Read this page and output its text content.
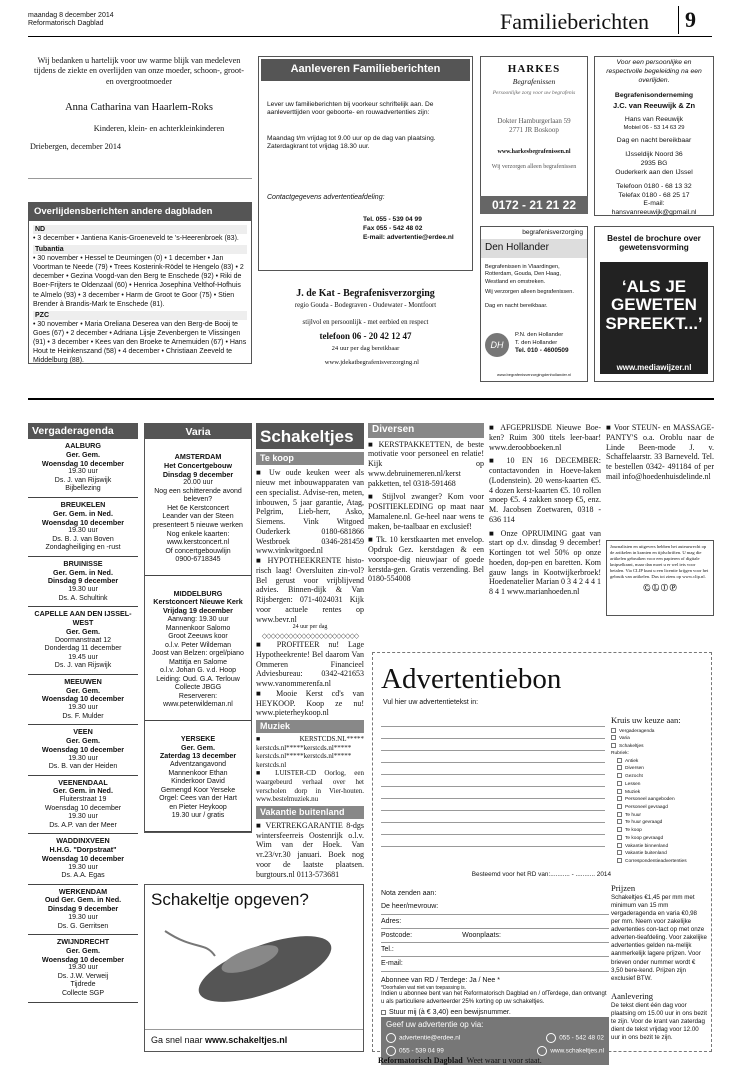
maandag 8 december 2014
Reformatorisch Dagblad	Familieberichten	9
Wij bedanken u hartelijk voor uw warme blijk van medeleven tijdens de ziekte en overlijden van onze moeder, schoon-, groot- en overgrootmoeder
Anna Catharina van Haarlem-Roks
Kinderen, klein- en achterkleinkinderen
Driebergen, december 2014
Overlijdensberichten andere dagbladen
ND
• 3 december • Jantiena Kanis-Groeneveld te 's-Heerenbroek (83).
Tubantia
• 30 november • Hessel te Deurningen (0) • 1 december • Jan Voortman te Neede (79) • Trees Kosterink-Rödel te Hengelo (83) • 2 december • Gezina Voogd-van den Berg te Enschede (92) • Riki de Boer-Frijters te Oldenzaal (60) • Henrica Josephina Velthof-Hofhuis te Almelo (93) • 3 december • Harm de Groot te Goor (75) • Stien Brender à Brandis-Mark te Enschede (81).
PZC
• 30 november • Maria Oreliana Deserea van den Berg-de Booij te Goes (67) • 2 december • Adriana Lijsje Zevenbergen te Vlissingen (91) • 3 december • Kees van den Broeke te Arnemuiden (67) • Hans Hout te Heinkenszand (58) • 4 december • Christiaan Zeeveld te Middelburg (88).
Aanleveren Familieberichten
Lever uw familieberichten bij voorkeur schriftelijk aan. De aanleverttijden voor geboorte- en rouwadvertenties zijn:
Maandag t/m vrijdag tot 9.00 uur op de dag van plaatsing. Zaterdagkrant tot vrijdag 18.30 uur.
Contactgegevens advertentieafdeling:
Tel. 055 - 539 04 99
Fax 055 - 542 48 02
E-mail: advertentie@erdee.nl
HARKES
Begrafenissen
Persoonlijke zorg voor uw begrafenis
Dokter Hamburgerlaan 59
2771 JR Boskoop
www.harkesbegrafenissen.nl
Wij verzorgen alleen begrafenissen
0172 - 21 21 22
Voor een persoonlijke en respectvolle begeleiding na een overlijden.
Begrafenisonderneming
J.C. van Reeuwijk & Zn
Hans van Reeuwijk
Mobiel 06 - 53 14 63 29
Dag en nacht bereikbaar
IJsseldijk Noord 36
2935 BG
Ouderkerk aan den IJssel
Telefoon 0180 - 68 13 32
Telefax 0180 - 68 25 17
E-mail:
hansvanreeuwijk@gpmail.nl
begrafenisverzorging
Den Hollander
Begrafenissen in Vlaardingen, Rotterdam, Gouda, Den Haag, Westland en omstreken.
Wij verzorgen alleen begrafenissen.
Dag en nacht bereikbaar.
DH
P.N. den Hollander
T. den Hollander
Tel. 010 - 4600509
www.begrafenisverzorgingdenhollander.nl
Bestel de brochure over gewetensvorming
‘ALS JE GEWETEN SPREEKT...’
www.mediawijzer.nl
J. de Kat - Begrafenisverzorging
regio Gouda - Bodegraven - Oudewater - Montfoort
stijlvol en persoonlijk - met eerbied en respect
telefoon 06 - 20 42 12 47
24 uur per dag bereikbaar
www.jdekatbegrafenisverzorging.nl
Vergaderagenda

AALBURG

Ger. Gem.

Woensdag 10 december

19.30 uur

Ds. J. van Rijswijk

Bijbellezing

BREUKELEN

Ger. Gem. in Ned.

Woensdag 10 december

19.30 uur

Ds. B. J. van Boven

Zondagheiliging en -rust

BRUINISSE

Ger. Gem. in Ned.

Dinsdag 9 december

19.30 uur

Ds. A. Schultink

CAPELLE AAN DEN IJSSEL-WEST

Ger. Gem.

Doormanstraat 12

Donderdag 11 december

19.45 uur

Ds. J. van Rijswijk

MEEUWEN

Ger. Gem.

Woensdag 10 december

19.30 uur

Ds. F. Mulder

VEEN

Ger. Gem.

Woensdag 10 december

19.30 uur

Ds. B. van der Heiden

VEENENDAAL

Ger. Gem. in Ned.

Fluiterstraat 19

Woensdag 10 december

19.30 uur

Ds. A.P. van der Meer

WADDINXVEEN

H.H.G. "Dorpstraat"

Woensdag 10 december

19.30 uur

Ds. A.A. Egas

WERKENDAM

Oud Ger. Gem. in Ned.

Dinsdag 9 december

19.30 uur

Ds. G. Gerritsen

ZWIJNDRECHT

Ger. Gem.

Woensdag 10 december

19.30 uur

Ds. J.W. Verweij

Tijdrede

Collecte SGP

Varia

AMSTERDAM

Het Concertgebouw

Dinsdag 9 december

20.00 uur

Nog een schitterende avond beleven?

Het 6e Kerstconcert

Leander van der Steen

presenteert 5 nieuwe werken

Nog enkele kaarten:

www.kerstconcert.nl

Of concertgebouwlijn

0900-6718345

MIDDELBURG

Kerstconcert Nieuwe Kerk

Vrijdag 19 december

Aanvang: 19.30 uur

Mannenkoor Salomo

Groot Zeeuws koor

o.l.v. Peter Wildeman

Joost van Belzen: orgel/piano

Mattitja en Salome

o.l.v. Johan G. v.d. Hoop

Leiding: Oud. G.A. Terlouw

Collecte JBGG

Reserveren:

www.peterwildeman.nl

YERSEKE

Ger. Gem.

Zaterdag 13 december

Adventzangavond

Mannenkoor Ethan

Kinderkoor David

Gemengd Koor Yerseke

Orgel: Cees van der Hart

en Pieter Heykoop

19.30 uur / gratis

Schakeltjes
Te koop

■ Uw oude keuken weer als nieuw met inbouwapparaten van een specialist. Advise-ren, meten, inbouwen, 5 jaar garantie, Atag, Pelgrim, Lieb-herr, Asko, Siemens. Vink Witgoed Ouderkerk 0180-681866 Westbroek 0346-281459 www.vinkwitgoed.nl

■ HYPOTHEEKRENTE histo-risch laag! Oversluiten zin-vol? Bel gerust voor vrijblijvend advies. Binnen-dijk & Van Rijsbergen: 071-4024031 Kijk voor actuele rentes op www.bevr.nl

24 uur per dag

◇◇◇◇◇◇◇◇◇◇◇◇◇◇◇◇◇◇◇◇◇◇

■ PROFITEER nu! Lage Hypotheekrente! Bel daarom Van Ommeren Financieel Adviesbureau: 0342-421653 www.vanommerenfa.nl

■ Mooie Kerst cd's van HEYKOOP. Koop ze nu! www.pieterheykoop.nl

Muziek

■ KERSTCDS.NL***** kerstcds.nl*****kerstcds.nl***** kerstcds.nl*****kerstcds.nl***** kerstcds.nl

■ LUISTER-CD Oorlog, een waargebeurd verhaal over het verscholen dorp in Vier-houten. www.bestelmuziek.nu

Vakantie buitenland

■ VERTREKGARANTIE 8-dgs wintersfeerreis Oostenrijk o.l.v. Wim van der Hoek. Van vr.23/vr.30 januari. Boek nog voor de laatste plaatsen. burgtours.nl 0113-573681

Diversen

■ KERSTPAKKETTEN, de beste motivatie voor personeel en relatie! Kijk op www.debruinemeren.nl/kerst pakketten, tel 0318-591468

■ Stijlvol zwanger? Kom voor POSITIEKLEDING op maat naar Mamalene.nl. Ge-heel naar wens te maken, be-taalbaar en exclusief!

■ Tk. 10 kerstkaarten met envelop. Opdruk Gez. kerstdagen & een voorspoe-dig nieuwjaar of goede kerstda-gen. Gratis verzending. Bel 0180-554008

■ AFGEPRIJSDE Nieuwe Boe-ken? Ruim 300 titels leer-baar! www.deroobboeken.nl

■ 10 EN 16 DECEMBER: contactavonden in Hoeve-laken (Lodenstein). 20 wens-kaarten €5. 4 dozen kerst-kaarten €5. 10 rollen snoep €5. 4 zakken snoep €5, enz. M. Jacobsen Zoetwaren, 0318 - 636 114

■ Onze OPRUIMING gaat van start op d.v. dinsdag 9 december! Kortingen tot wel 50% op onze hoeden, dop-pen en baretten. Kom gauw langs in Kootwijkerbroek! Hoedenatelier Marian 0 3 4 2 4 4 1 8 4 1 www.marianhoeden.nl

■ Voor STEUN- en MASSAGE-PANTY'S o.a. Oroblu naar de Linde Been-mode J. v. Schaffelaarstr. 33 Barneveld. Tel. te bestellen 0342- 491184 of per mail info@hoedenhuisdelinde.nl

Journalisten en uitgevers hebben het auteursrecht op de artikelen in kranten en tijdschriften. U mag die artikelen gebruiken voor een papieren of digitale knipselkrant, maar dan moet u er wel iets voor betalen. Via CLIP kunt u een licentie krijgen voor het gebruik van artikelen. Dus tot ziens op www.clip.nl.
Ⓒ Ⓛ Ⓘ Ⓟ
Schakeltje opgeven?
Ga snel naar www.schakeltjes.nl
Advertentiebon
Vul hier uw advertentietekst in:
Kruis uw keuze aan:
Vergaderagenda
Varia
Schakeltjes
Rubriek:
Antiek
Diversen
Gezocht
Lessen
Muziek
Personeel aangeboden
Personeel gevraagd
Te huur
Te huur gevraagd
Te koop
Te koop gevraagd
Vakantie binnenland
Vakantie buitenland
Correspondentieadvertenties
Besteemd voor het RD van:........... - ........... 2014
Nota zenden aan:
De heer/mevrouw:
Adres:
Postcode:	Woonplaats:
Tel.:
E-mail:
Abonnee van RD / Terdege: Ja / Nee *
*Doorhalen wat niet van toepassing is.
Indien u abonnee bent van het Reformatorisch Dagblad en / ofTerdege, dan ontvangt u als particuliere adverteerder 25% korting op uw schakeltjes.
Stuur mij (à € 3,40) een bewijsnummer.
Geef uw advertentie op via:
advertentie@erdee.nl	055 - 542 48 02
055 - 539 04 99	www.schakeltjes.nl
Prijzen
Schakeltjes €1,45 per mm met minimum van 15 mm vergaderagenda en varia €0,98 per mm. Neem voor zakelijke advertenties con-tact op met onze adverten-tieafdeling. Voor zakelijke advertenties gelden na-melijk aanmerkelijk lagere prijzen. Voor brieven onder nummer wordt € 3,50 bere-kend. Prijzen zijn exclusief BTW.
Aanlevering
De tekst dient één dag voor plaatsing om 15.00 uur in ons bezit te zijn. Voor de krant van zaterdag dient de tekst vrijdag voor 12.00 uur in ons bezit te zijn.
Reformatorisch Dagblad Weet waar u voor staat.
